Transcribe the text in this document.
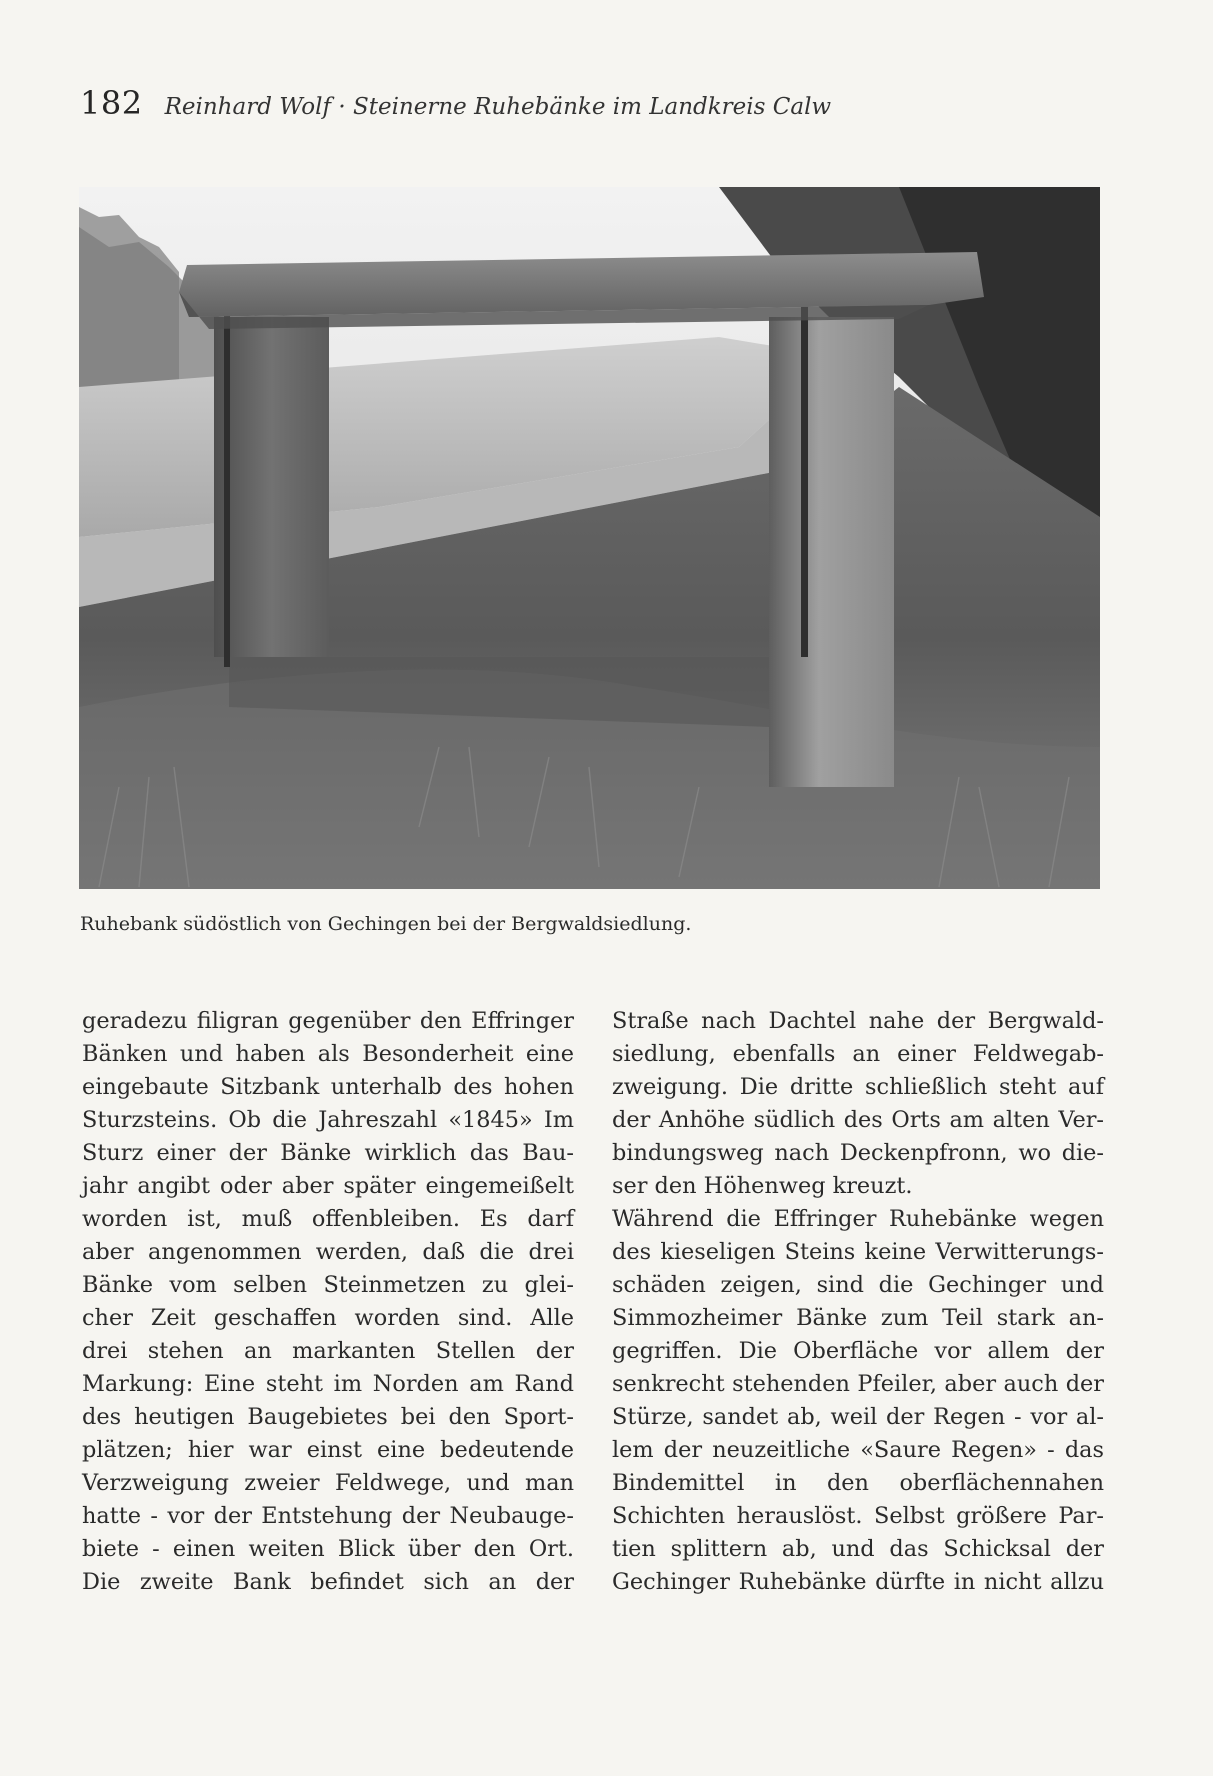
182 Reinhard Wolf · Steinerne Ruhebänke im Landkreis Calw
Ruhebank südöstlich von Gechingen bei der Bergwaldsiedlung.
geradezu filigran gegenüber den Effringer
Bänken und haben als Besonderheit eine
eingebaute Sitzbank unterhalb des hohen
Sturzsteins. Ob die Jahreszahl «1845» Im
Sturz einer der Bänke wirklich das Bau-
jahr angibt oder aber später eingemeißelt
worden ist, muß offenbleiben. Es darf
aber angenommen werden, daß die drei
Bänke vom selben Steinmetzen zu glei-
cher Zeit geschaffen worden sind. Alle
drei stehen an markanten Stellen der
Markung: Eine steht im Norden am Rand
des heutigen Baugebietes bei den Sport-
plätzen; hier war einst eine bedeutende
Verzweigung zweier Feldwege, und man
hatte - vor der Entstehung der Neubauge-
biete - einen weiten Blick über den Ort.
Die zweite Bank befindet sich an der
Straße nach Dachtel nahe der Bergwald-
siedlung, ebenfalls an einer Feldwegab-
zweigung. Die dritte schließlich steht auf
der Anhöhe südlich des Orts am alten Ver-
bindungsweg nach Deckenpfronn, wo die-
ser den Höhenweg kreuzt.
Während die Effringer Ruhebänke wegen
des kieseligen Steins keine Verwitterungs-
schäden zeigen, sind die Gechinger und
Simmozheimer Bänke zum Teil stark an-
gegriffen. Die Oberfläche vor allem der
senkrecht stehenden Pfeiler, aber auch der
Stürze, sandet ab, weil der Regen - vor al-
lem der neuzeitliche «Saure Regen» - das
Bindemittel in den oberflächennahen
Schichten herauslöst. Selbst größere Par-
tien splittern ab, und das Schicksal der
Gechinger Ruhebänke dürfte in nicht allzu
